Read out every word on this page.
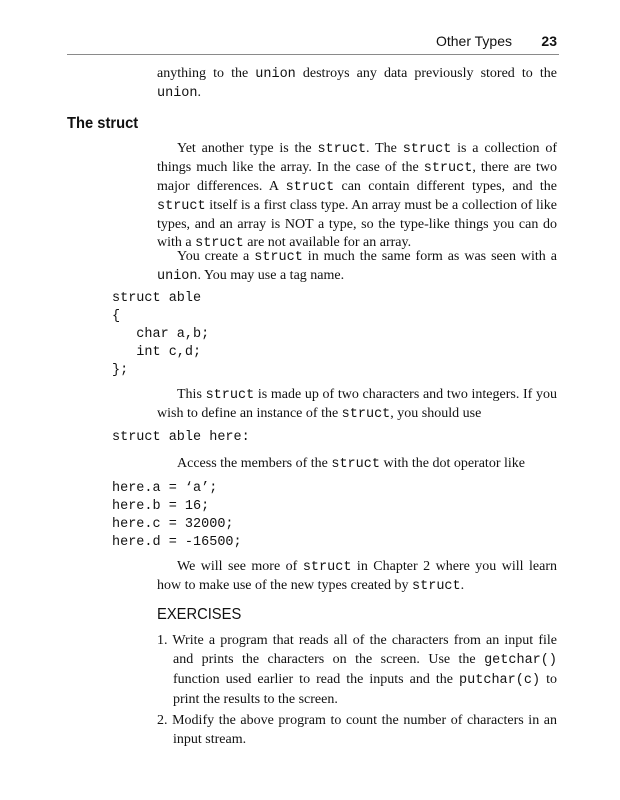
Other Types 23

anything to the union destroys any data previously stored to the union.

The struct

Yet another type is the struct. The struct is a collection of things much like the array. In the case of the struct, there are two major differences. A struct can contain different types, and the struct itself is a first class type. An array must be a collection of like types, and an array is NOT a type, so the type-like things you can do with a struct are not available for an array.

You create a struct in much the same form as was seen with a union. You may use a tag name.

struct able
{
char a,b;
int c,d;
};

This struct is made up of two characters and two integers. If you wish to define an instance of the struct, you should use

struct able here:

Access the members of the struct with the dot operator like

here.a = ‘a’;
here.b = 16;
here.c = 32000;
here.d = -16500;

We will see more of struct in Chapter 2 where you will learn how to make use of the new types created by struct.

EXERCISES

1. Write a program that reads all of the characters from an input file and prints the characters on the screen. Use the getchar() function used earlier to read the inputs and the putchar(c) to print the results to the screen.

2. Modify the above program to count the number of characters in an input stream.
